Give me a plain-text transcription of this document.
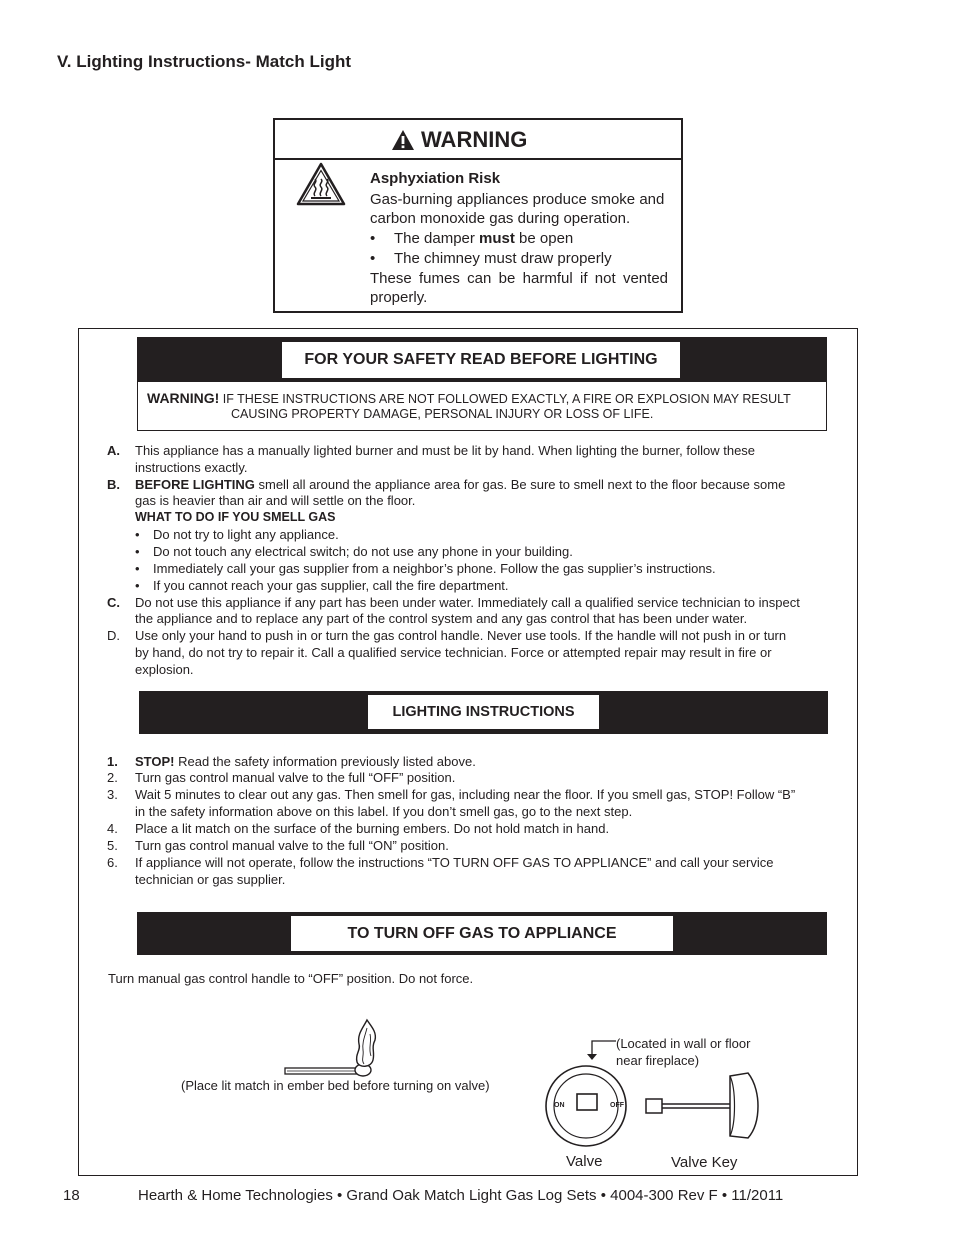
V. Lighting Instructions- Match Light
WARNING
Asphyxiation Risk
Gas-burning appliances produce smoke and
carbon monoxide gas during operation.
•	The damper must be open
•	The chimney must draw properly
These fumes can be harmful if not vented properly.
FOR YOUR SAFETY READ BEFORE LIGHTING
WARNING! IF THESE INSTRUCTIONS ARE NOT FOLLOWED EXACTLY, A FIRE OR EXPLOSION MAY RESULT
CAUSING PROPERTY DAMAGE, PERSONAL INJURY OR LOSS OF LIFE.
A. This appliance has a manually lighted burner and must be lit by hand. When lighting the burner, follow these
instructions exactly.
B. BEFORE LIGHTING smell all around the appliance area for gas. Be sure to smell next to the floor because some
gas is heavier than air and will settle on the floor.
WHAT TO DO IF YOU SMELL GAS
• Do not try to light any appliance.
• Do not touch any electrical switch; do not use any phone in your building.
• Immediately call your gas supplier from a neighbor’s phone. Follow the gas supplier’s instructions.
• If you cannot reach your gas supplier, call the fire department.
C. Do not use this appliance if any part has been under water. Immediately call a qualified service technician to inspect
the appliance and to replace any part of the control system and any gas control that has been under water.
D. Use only your hand to push in or turn the gas control handle. Never use tools. If the handle will not push in or turn
by hand, do not try to repair it. Call a qualified service technician. Force or attempted repair may result in fire or
explosion.
LIGHTING INSTRUCTIONS
1. STOP! Read the safety information previously listed above.
2. Turn gas control manual valve to the full “OFF” position.
3. Wait 5 minutes to clear out any gas. Then smell for gas, including near the floor. If you smell gas, STOP! Follow “B”
in the safety information above on this label. If you don’t smell gas, go to the next step.
4. Place a lit match on the surface of the burning embers. Do not hold match in hand.
5. Turn gas control manual valve to the full “ON” position.
6. If appliance will not operate, follow the instructions “TO TURN OFF GAS TO APPLIANCE” and call your service
technician or gas supplier.
TO TURN OFF GAS TO APPLIANCE
Turn manual gas control handle to “OFF” position. Do not force.
(Place lit match in ember bed before turning on valve)
(Located in wall or floor
near fireplace)
ON	OFF
Valve	Valve Key
18	Hearth & Home Technologies • Grand Oak Match Light Gas Log Sets • 4004-300 Rev F • 11/2011
